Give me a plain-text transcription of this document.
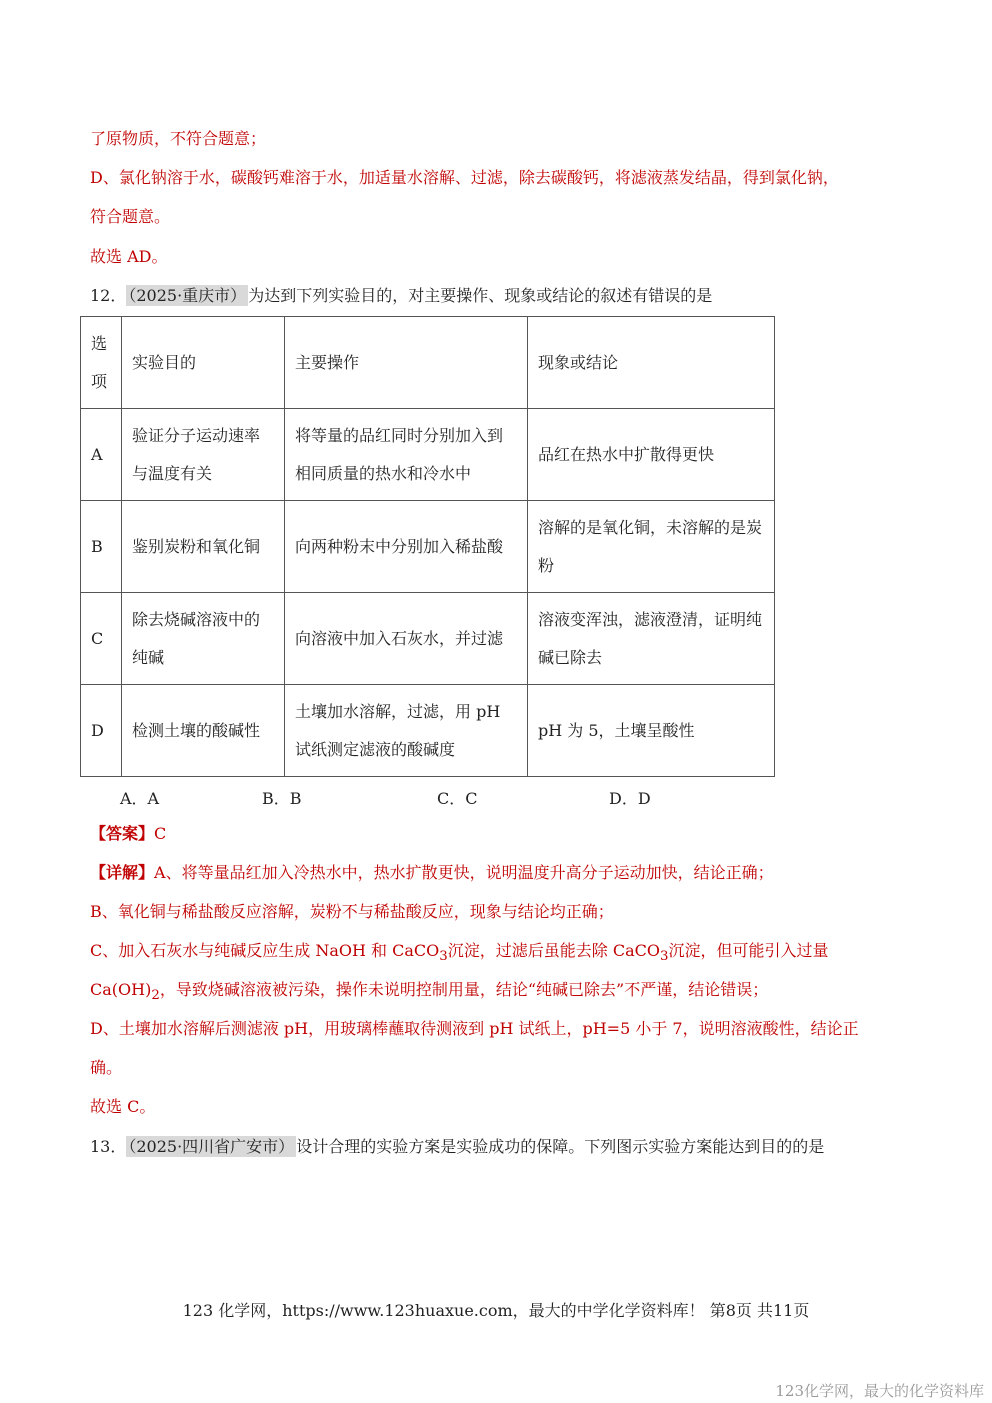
了原物质，不符合题意；
D、氯化钠溶于水，碳酸钙难溶于水，加适量水溶解、过滤，除去碳酸钙，将滤液蒸发结晶，得到氯化钠，
符合题意。
故选 AD。
12． （2025·重庆市） 为达到下列实验目的，对主要操作、现象或结论的叙述有错误的是
选项	实验目的	主要操作	现象或结论
A	验证分子运动速率与温度有关	将等量的品红同时分别加入到相同质量的热水和冷水中	品红在热水中扩散得更快
B	鉴别炭粉和氧化铜	向两种粉末中分别加入稀盐酸	溶解的是氧化铜，未溶解的是炭粉
C	除去烧碱溶液中的纯碱	向溶液中加入石灰水，并过滤	溶液变浑浊，滤液澄清，证明纯碱已除去
D	检测土壤的酸碱性	土壤加水溶解，过滤，用 pH 试纸测定滤液的酸碱度	pH 为 5，土壤呈酸性
A．A	B．B	C．C	D．D
【答案】C
【详解】A、将等量品红加入冷热水中，热水扩散更快，说明温度升高分子运动加快，结论正确；
B、氧化铜与稀盐酸反应溶解，炭粉不与稀盐酸反应，现象与结论均正确；
C、加入石灰水与纯碱反应生成 NaOH 和 CaCO$_3$沉淀，过滤后虽能去除 CaCO$_3$沉淀，但可能引入过量
$Ca(OH)_2$，导致烧碱溶液被污染，操作未说明控制用量，结论“纯碱已除去”不严谨，结论错误；
D、土壤加水溶解后测滤液 pH，用玻璃棒蘸取待测液到 pH 试纸上，pH=5 小于 7，说明溶液酸性，结论正
确。
故选 C。
13． （2025·四川省广安市） 设计合理的实验方案是实验成功的保障。下列图示实验方案能达到目的的是
123 化学网，https://www.123huaxue.com，最大的中学化学资料库！ 第8页 共11页
123化学网，最大的化学资料库
